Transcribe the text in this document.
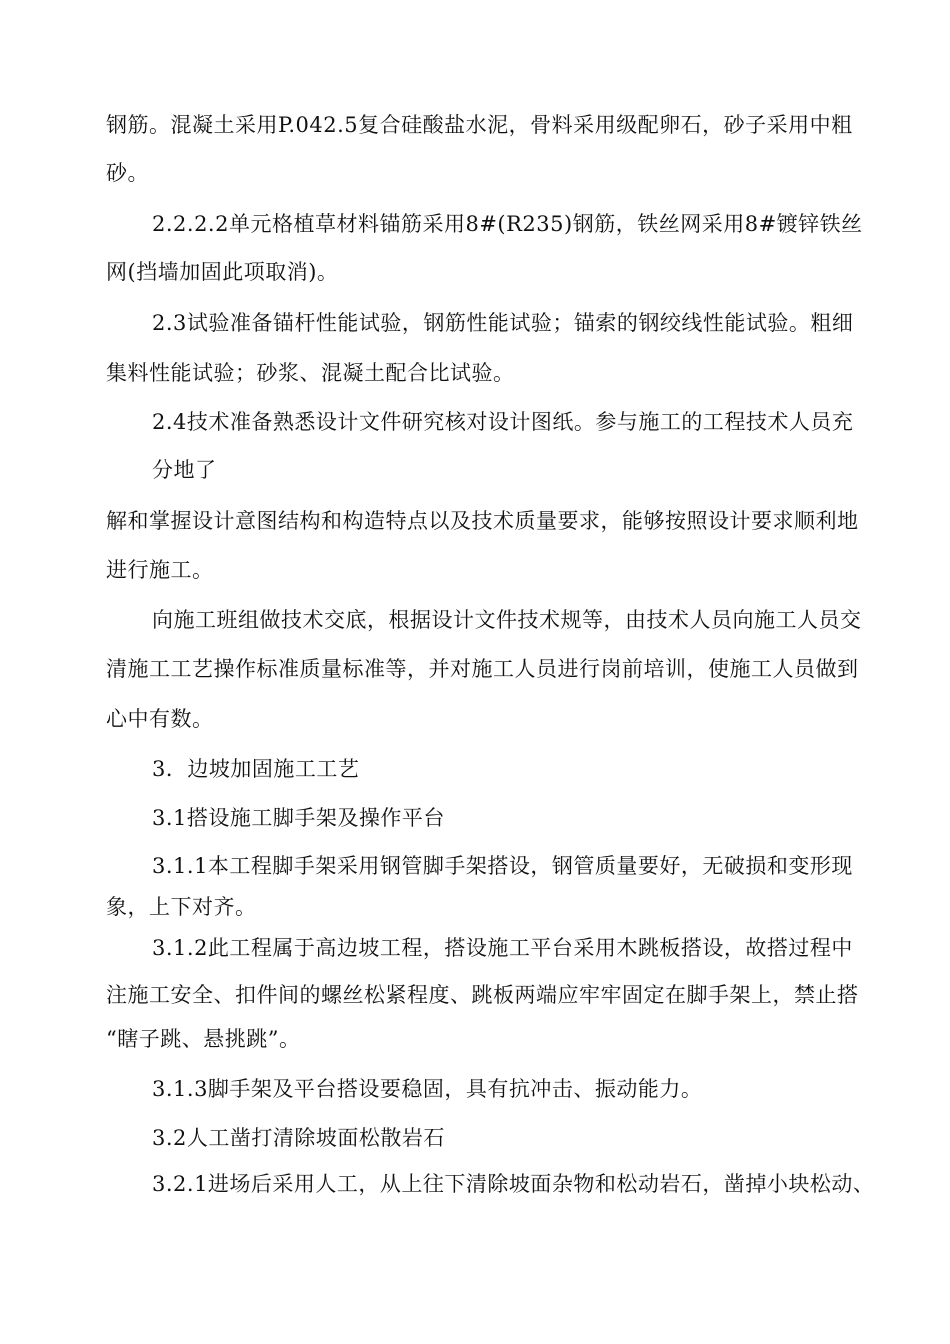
钢筋。混凝土采用P.042.5复合硅酸盐水泥，骨料采用级配卵石，砂子采用中粗
砂。
2.2.2.2单元格植草材料锚筋采用8#(R235)钢筋，铁丝网采用8#镀锌铁丝
网(挡墙加固此项取消)。
2.3试验准备锚杆性能试验，钢筋性能试验；锚索的钢绞线性能试验。粗细
集料性能试验；砂浆、混凝土配合比试验。
2.4技术准备熟悉设计文件研究核对设计图纸。参与施工的工程技术人员充
分地了
解和掌握设计意图结构和构造特点以及技术质量要求，能够按照设计要求顺利地
进行施工。
向施工班组做技术交底，根据设计文件技术规等，由技术人员向施工人员交
清施工工艺操作标准质量标准等，并对施工人员进行岗前培训，使施工人员做到
心中有数。
3．边坡加固施工工艺
3.1搭设施工脚手架及操作平台
3.1.1本工程脚手架采用钢管脚手架搭设，钢管质量要好，无破损和变形现
象，上下对齐。
3.1.2此工程属于高边坡工程，搭设施工平台采用木跳板搭设，故搭过程中
注施工安全、扣件间的螺丝松紧程度、跳板两端应牢牢固定在脚手架上，禁止搭
“瞎子跳、悬挑跳”。
3.1.3脚手架及平台搭设要稳固，具有抗冲击、振动能力。
3.2人工凿打清除坡面松散岩石
3.2.1进场后采用人工，从上往下清除坡面杂物和松动岩石，凿掉小块松动、
